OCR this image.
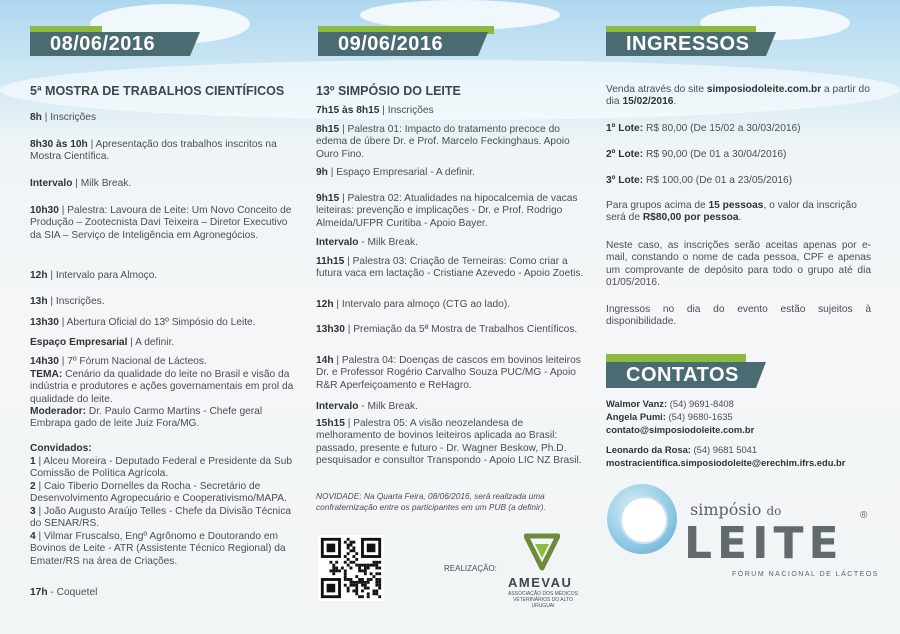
08/06/2016
5ª MOSTRA DE TRABALHOS CIENTÍFICOS
8h | Inscrições
8h30 às 10h | Apresentação dos trabalhos inscritos na Mostra Científica.
Intervalo | Milk Break.
10h30 | Palestra: Lavoura de Leite: Um Novo Conceito de Produção – Zootecnista Davi Teixeira – Diretor Executivo da SIA – Serviço de Inteligência em Agronegócios.
12h | Intervalo para Almoço.
13h | Inscrições.
13h30 | Abertura Oficial do 13º Simpósio do Leite.
Espaço Empresarial | A definir.
14h30 | 7º Fórum Nacional de Lácteos.
TEMA: Cenário da qualidade do leite no Brasil e visão da indústria e produtores e ações governamentais em prol da qualidade do leite.
Moderador: Dr. Paulo Carmo Martins - Chefe geral Embrapa gado de leite Juiz Fora/MG.
Convidados:
1 | Alceu Moreira - Deputado Federal e Presidente da Sub Comissão de Política Agrícola.
2 | Caio Tiberio Dornelles da Rocha - Secretário de Desenvolvimento Agropecuário e Cooperativismo/MAPA.
3 | João Augusto Araújo Telles - Chefe da Divisão Técnica do SENAR/RS.
4 | Vilmar Fruscalso, Engº Agrônomo e Doutorando em Bovinos de Leite - ATR (Assistente Técnico Regional) da Emater/RS na área de Criações.
17h - Coquetel
09/06/2016
13º SIMPÓSIO DO LEITE
7h15 às 8h15 | Inscrições
8h15 | Palestra 01: Impacto do tratamento precoce do edema de úbere Dr. e Prof. Marcelo Feckinghaus. Apoio Ouro Fino.
9h | Espaço Empresarial - A definir.
9h15 | Palestra 02: Atualidades na hipocalcemia de vacas leiteiras: prevenção e implicações - Dr. e Prof. Rodrigo Almeida/UFPR Curitiba - Apoio Bayer.
Intervalo - Milk Break.
11h15 | Palestra 03: Criação de Terneiras: Como criar a futura vaca em lactação - Cristiane Azevedo - Apoio Zoetis.
12h | Intervalo para almoço (CTG ao lado).
13h30 | Premiação da 5ª Mostra de Trabalhos Científicos.
14h | Palestra 04: Doenças de cascos em bovinos leiteiros Dr. e Professor Rogério Carvalho Souza PUC/MG - Apoio R&R Aperfeiçoamento e ReHagro.
Intervalo - Milk Break.
15h15 | Palestra 05: A visão neozelandesa de melhoramento de bovinos leiteiros aplicada ao Brasil: passado, presente e futuro - Dr. Wagner Beskow, Ph.D. pesquisador e consultor Transpondo - Apoio LIC NZ Brasil.
NOVIDADE: Na Quarta Feira, 08/06/2016, será realizada uma confraternização entre os participantes em um PUB (a definir).
REALIZAÇÃO:
AMEVAU
ASSOCIAÇÃO DOS MÉDICOS VETERINÁRIOS DO ALTO URUGUAI
INGRESSOS
Venda através do site simposiodoleite.com.br a partir do dia 15/02/2016.
1º Lote: R$ 80,00 (De 15/02 a 30/03/2016)
2º Lote: R$ 90,00 (De 01 a 30/04/2016)
3º Lote: R$ 100,00 (De 01 a 23/05/2016)
Para grupos acima de 15 pessoas, o valor da inscrição será de R$80,00 por pessoa.
Neste caso, as inscrições serão aceitas apenas por e-mail, constando o nome de cada pessoa, CPF e apenas um comprovante de depósito para todo o grupo até dia 01/05/2016.
Ingressos no dia do evento estão sujeitos à disponibilidade.
CONTATOS
Walmor Vanz: (54) 9691-8408
Angela Pumi: (54) 9680-1635
contato@simposiodoleite.com.br
Leonardo da Rosa: (54) 9681 5041
mostracientifica.simposiodoleite@erechim.ifrs.edu.br
simpósio do
LEITE
®
FÓRUM NACIONAL DE LÁCTEOS
